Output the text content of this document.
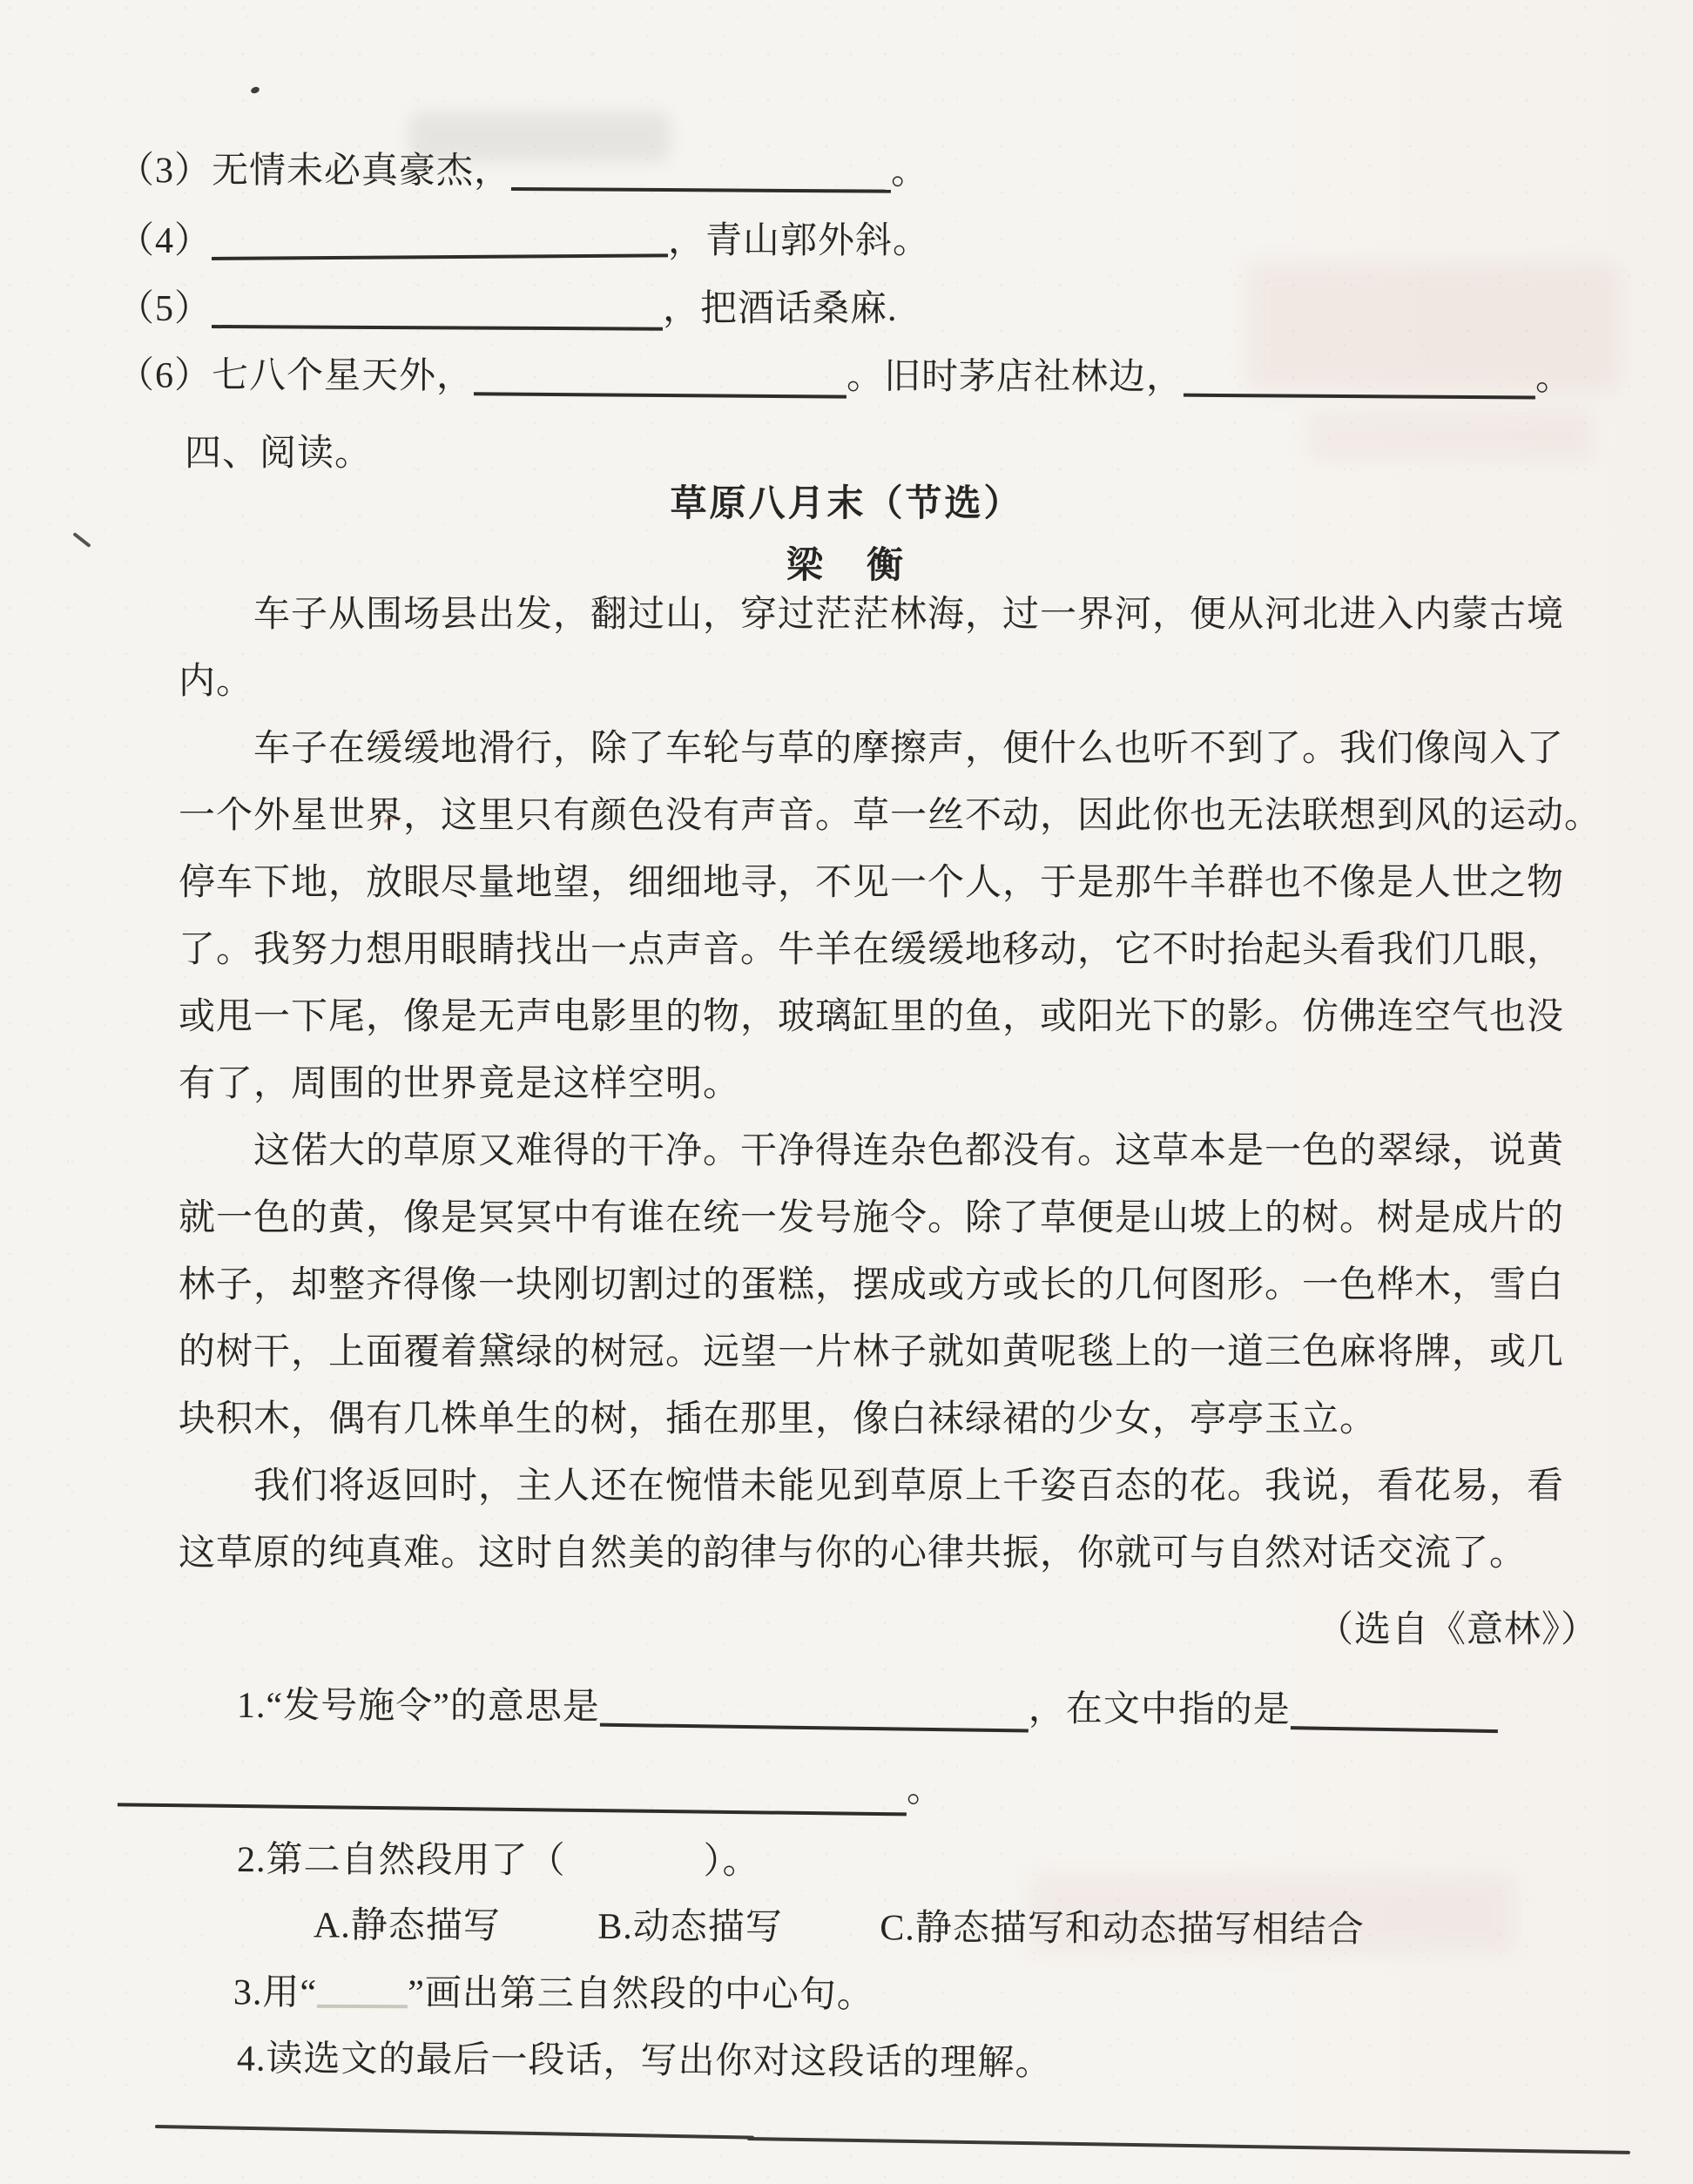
（3）无情未必真豪杰，	。
（4）	，青山郭外斜。
（5）	，把酒话桑麻.
（6）七八个星天外，	。旧时茅店社林边，	。
四、阅读。
草原八月末（节选）
梁　衡
车子从围场县出发，翻过山，穿过茫茫林海，过一界河，便从河北进入内蒙古境
内。
车子在缓缓地滑行，除了车轮与草的摩擦声，便什么也听不到了。我们像闯入了
一个外星世界，这里只有颜色没有声音。草一丝不动，因此你也无法联想到风的运动。
停车下地，放眼尽量地望，细细地寻，不见一个人，于是那牛羊群也不像是人世之物
了。我努力想用眼睛找出一点声音。牛羊在缓缓地移动，它不时抬起头看我们几眼，
或甩一下尾，像是无声电影里的物，玻璃缸里的鱼，或阳光下的影。仿佛连空气也没
有了，周围的世界竟是这样空明。
这偌大的草原又难得的干净。干净得连杂色都没有。这草本是一色的翠绿，说黄
就一色的黄，像是冥冥中有谁在统一发号施令。除了草便是山坡上的树。树是成片的
林子，却整齐得像一块刚切割过的蛋糕，摆成或方或长的几何图形。一色桦木，雪白
的树干，上面覆着黛绿的树冠。远望一片林子就如黄呢毯上的一道三色麻将牌，或几
块积木，偶有几株单生的树，插在那里，像白袜绿裙的少女，亭亭玉立。
我们将返回时，主人还在惋惜未能见到草原上千姿百态的花。我说，看花易，看
这草原的纯真难。这时自然美的韵律与你的心律共振，你就可与自然对话交流了。
（选自《意林》）
1.“发号施令”的意思是	，在文中指的是
。
2.第二自然段用了（	）。
A.静态描写	B.动态描写	C.静态描写和动态描写相结合
3.用“ ”画出第三自然段的中心句。
4.读选文的最后一段话，写出你对这段话的理解。
